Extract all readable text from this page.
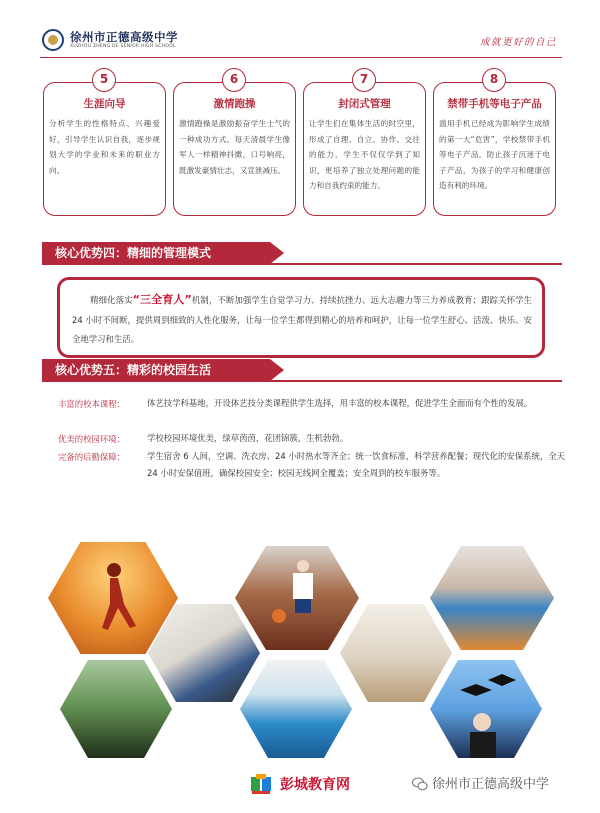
徐州市正德高级中学
XUZHOU ZHENG DE SENIOR HIGH SCHOOL	成就更好的自己
5
生涯向导
分析学生的性格特点、兴趣爱好，引导学生认识自我，逐步规划大学的学业和未来的职业方向。
6
激情跑操
激情跑操是激励振奋学生士气的一种成功方式。每天清晨学生像军人一样精神抖擞，口号响亮，既激发豪情壮志，又宣泄减压。
7
封闭式管理
让学生们在集体生活的时空里，形成了自理、自立、协作、交往的能力，学生不仅仅学到了知识，更培养了独立处理问题的能力和自我约束的能力。
8
禁带手机等电子产品
滥用手机已经成为影响学生成绩的第一大“危害”，学校禁带手机等电子产品，防止孩子沉迷于电子产品，为孩子的学习和健康创造有利的环境。
核心优势四：精细的管理模式
精细化落实“三全育人”机制，不断加强学生自觉学习力、持续抗挫力、远大志趣力等三力养成教育；跟踪关怀学生 24 小时不间断，提供周到细致的人性化服务，让每一位学生都得到精心的培养和呵护，让每一位学生舒心、活泼、快乐、安全地学习和生活。
核心优势五：精彩的校园生活
丰富的校本课程：	体艺技学科基地，开设体艺技分类课程供学生选择，用丰富的校本课程，促进学生全面而有个性的发展。
优美的校园环境：	学校校园环境优美，绿草茵茵，花团锦簇，生机勃勃。
完备的后勤保障：	学生宿舍 6 人间，空调、洗衣房、24 小时热水等齐全；统一饮食标准，科学营养配餐；现代化的安保系统，全天 24 小时安保值班，确保校园安全；校园无线网全覆盖；安全周到的校车服务等。
彭城教育网	徐州市正德高级中学
